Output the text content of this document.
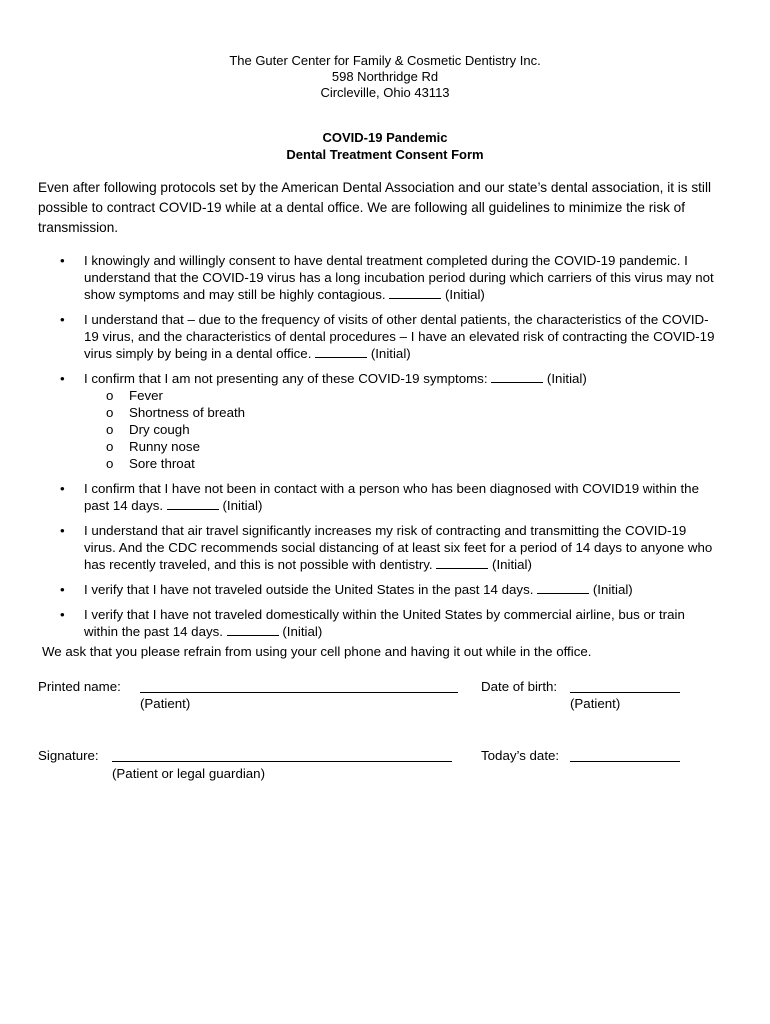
The Guter Center for Family & Cosmetic Dentistry Inc.
598 Northridge Rd
Circleville, Ohio 43113
COVID-19 Pandemic
Dental Treatment Consent Form
Even after following protocols set by the American Dental Association and our state’s dental association, it is still possible to contract COVID-19 while at a dental office. We are following all guidelines to minimize the risk of transmission.
• I knowingly and willingly consent to have dental treatment completed during the COVID-19 pandemic. I understand that the COVID-19 virus has a long incubation period during which carriers of this virus may not show symptoms and may still be highly contagious.	(Initial)
• I understand that – due to the frequency of visits of other dental patients, the characteristics of the COVID-19 virus, and the characteristics of dental procedures – I have an elevated risk of contracting the COVID-19 virus simply by being in a dental office.	(Initial)
• I confirm that I am not presenting any of these COVID-19 symptoms:	(Initial)
o Fever
o Shortness of breath
o Dry cough
o Runny nose
o Sore throat
• I confirm that I have not been in contact with a person who has been diagnosed with COVID19 within the past 14 days.	(Initial)
• I understand that air travel significantly increases my risk of contracting and transmitting the COVID-19 virus. And the CDC recommends social distancing of at least six feet for a period of 14 days to anyone who has recently traveled, and this is not possible with dentistry.	(Initial)
• I verify that I have not traveled outside the United States in the past 14 days.	(Initial)
• I verify that I have not traveled domestically within the United States by commercial airline, bus or train within the past 14 days.	(Initial)
We ask that you please refrain from using your cell phone and having it out while in the office.
Printed name:
(Patient)
Date of birth:
(Patient)
Signature:
(Patient or legal guardian)
Today’s date:
